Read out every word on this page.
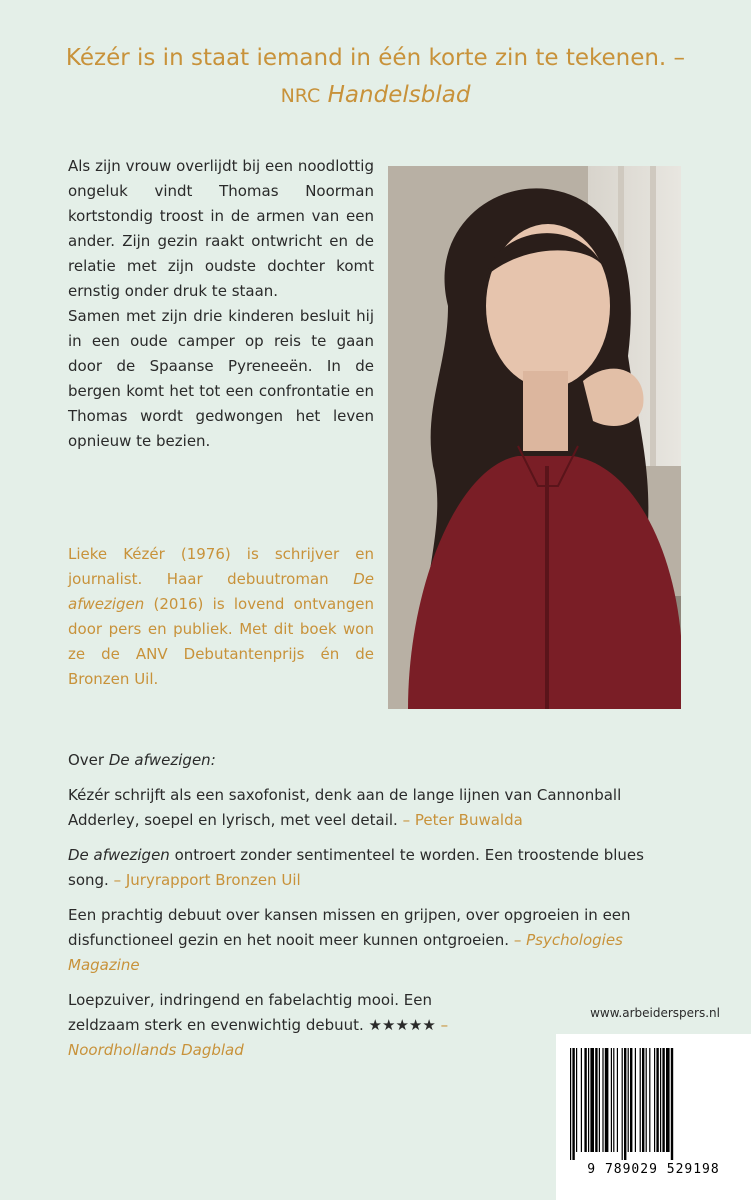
Kézér is in staat iemand in één korte zin te tekenen. – NRC Handelsblad

Als zijn vrouw overlijdt bij een noodlottig ongeluk vindt Thomas Noorman kortstondig troost in de armen van een ander. Zijn gezin raakt ontwricht en de relatie met zijn oudste dochter komt ernstig onder druk te staan.

Samen met zijn drie kinderen besluit hij in een oude camper op reis te gaan door de Spaanse Pyreneeën. In de bergen komt het tot een confrontatie en Thomas wordt gedwongen het leven opnieuw te bezien.

Lieke Kézér (1976) is schrijver en journalist. Haar debuutroman De afwezigen (2016) is lovend ontvangen door pers en publiek. Met dit boek won ze de ANV Debutantenprijs én de Bronzen Uil.

Over De afwezigen:

Kézér schrijft als een saxofonist, denk aan de lange lijnen van Cannonball Adderley, soepel en lyrisch, met veel detail. – Peter Buwalda

De afwezigen ontroert zonder sentimenteel te worden. Een troostende blues song. – Juryrapport Bronzen Uil

Een prachtig debuut over kansen missen en grijpen, over opgroeien in een disfunctioneel gezin en het nooit meer kunnen ontgroeien. – Psychologies Magazine

Loepzuiver, indringend en fabelachtig mooi. Een zeldzaam sterk en evenwichtig debuut. ★★★★★ – Noordhollands Dagblad

www.arbeiderspers.nl
9 789029 529198
